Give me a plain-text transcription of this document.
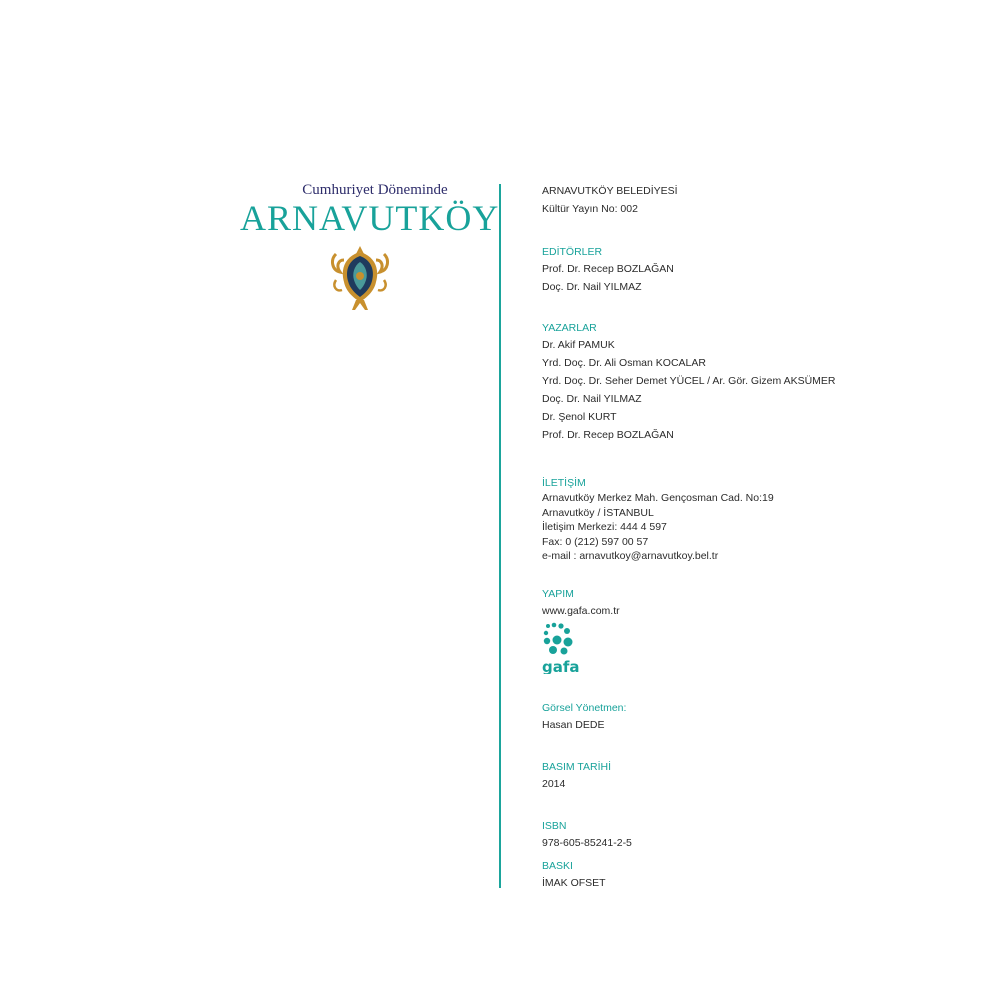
Cumhuriyet Döneminde
ARNAVUTKÖY
ARNAVUTKÖY BELEDİYESİ
Kültür Yayın No: 002
EDİTÖRLER
Prof. Dr. Recep BOZLAĞAN
Doç. Dr. Nail YILMAZ
YAZARLAR
Dr. Akif PAMUK
Yrd. Doç. Dr. Ali Osman KOCALAR
Yrd. Doç. Dr. Seher Demet YÜCEL / Ar. Gör. Gizem AKSÜMER
Doç. Dr. Nail YILMAZ
Dr. Şenol KURT
Prof. Dr. Recep BOZLAĞAN
İLETİŞİM
Arnavutköy Merkez Mah. Gençosman Cad. No:19
Arnavutköy / İSTANBUL
İletişim Merkezi: 444 4 597
Fax: 0 (212) 597 00 57
e-mail : arnavutkoy@arnavutkoy.bel.tr
YAPIM
www.gafa.com.tr
gafa
Görsel Yönetmen:
Hasan DEDE
BASIM TARİHİ
2014
ISBN
978-605-85241-2-5
BASKI
İMAK OFSET
